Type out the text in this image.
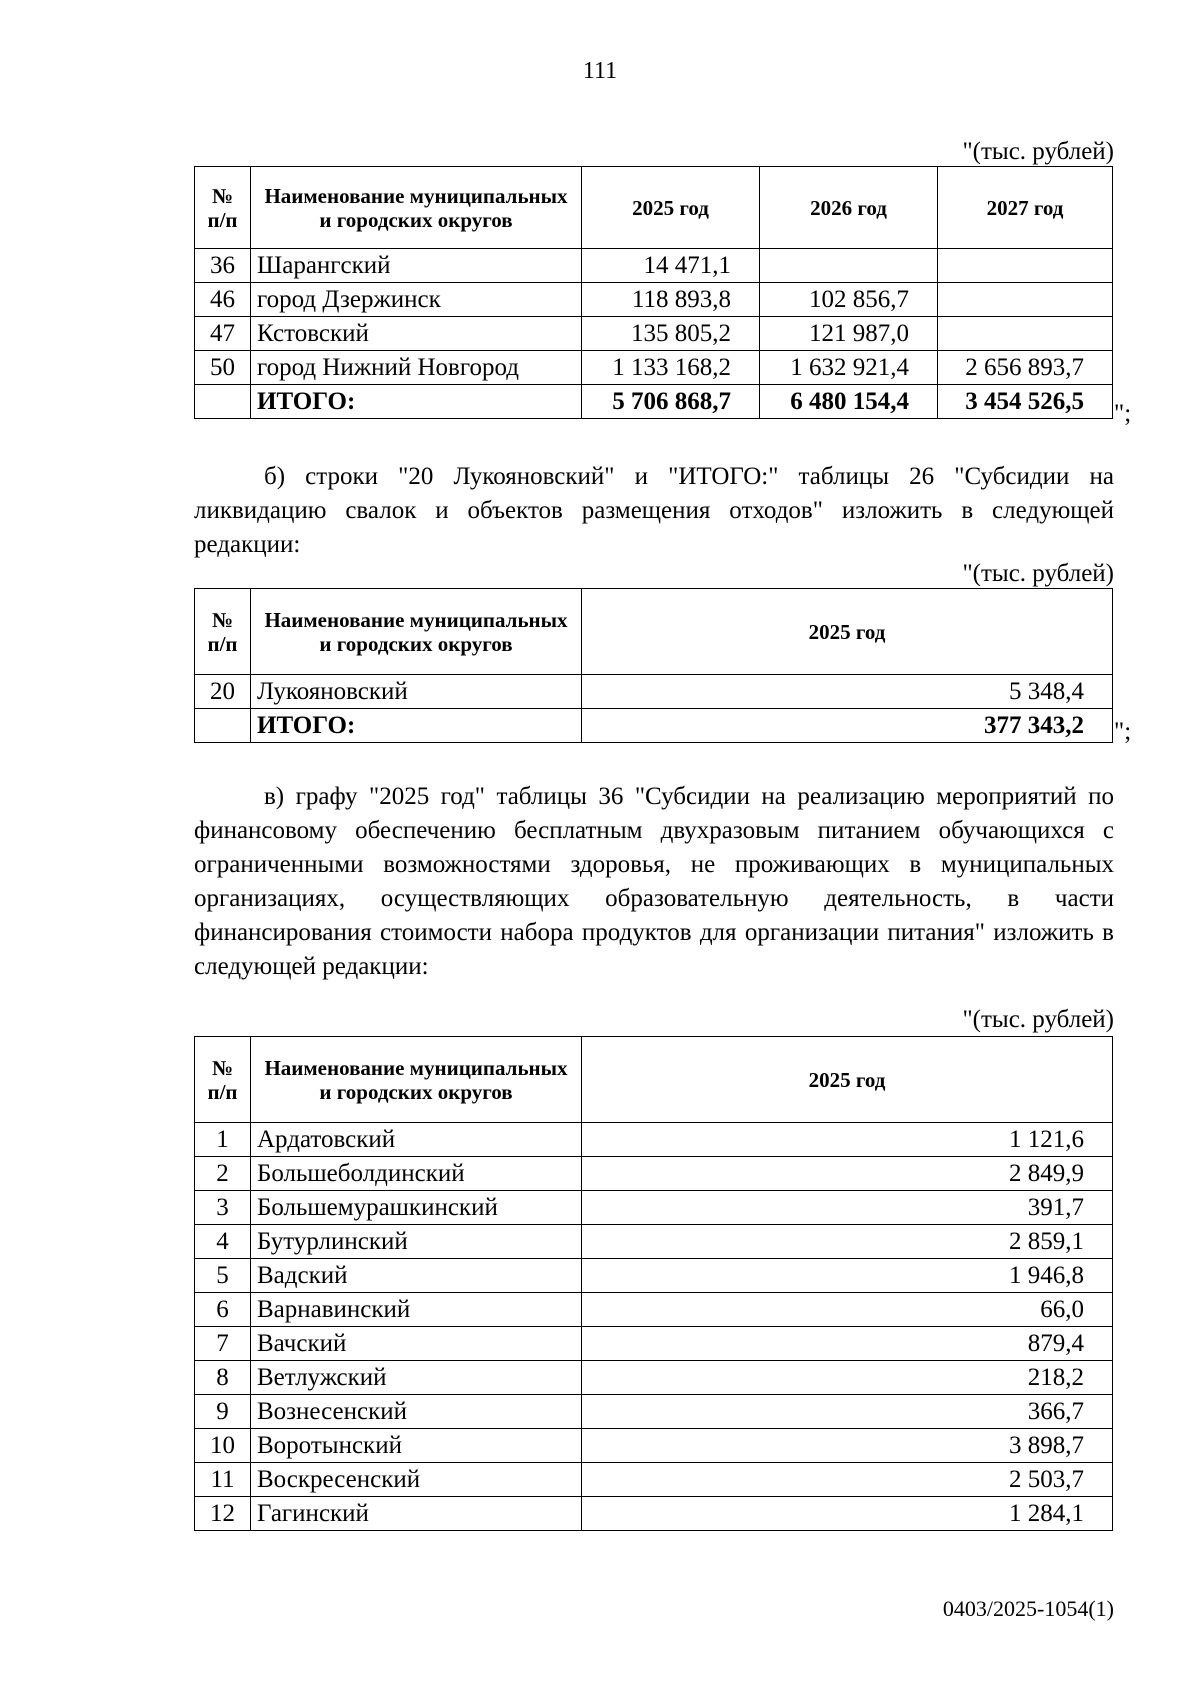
111
"(тыс. рублей)
№ п/п	Наименование муниципальных и городских округов	2025 год	2026 год	2027 год
36	Шарангский	14 471,1		
46	город Дзержинск	118 893,8	102 856,7	
47	Кстовский	135 805,2	121 987,0	
50	город Нижний Новгород	1 133 168,2	1 632 921,4	2 656 893,7
	ИТОГО:	5 706 868,7	6 480 154,4	3 454 526,5 ";
б) строки "20 Лукояновский" и "ИТОГО:" таблицы 26 "Субсидии на ликвидацию свалок и объектов размещения отходов" изложить в следующей редакции:
"(тыс. рублей)
№ п/п	Наименование муниципальных и городских округов	2025 год
20	Лукояновский	5 348,4
	ИТОГО:	377 343,2 ";
в) графу "2025 год" таблицы 36 "Субсидии на реализацию мероприятий по финансовому обеспечению бесплатным двухразовым питанием обучающихся с ограниченными возможностями здоровья, не проживающих в муниципальных организациях, осуществляющих образовательную деятельность, в части финансирования стоимости набора продуктов для организации питания" изложить в следующей редакции:
"(тыс. рублей)
№ п/п	Наименование муниципальных и городских округов	2025 год
1	Ардатовский	1 121,6
2	Большеболдинский	2 849,9
3	Большемурашкинский	391,7
4	Бутурлинский	2 859,1
5	Вадский	1 946,8
6	Варнавинский	66,0
7	Вачский	879,4
8	Ветлужский	218,2
9	Вознесенский	366,7
10	Воротынский	3 898,7
11	Воскресенский	2 503,7
12	Гагинский	1 284,1
0403/2025-1054(1)
